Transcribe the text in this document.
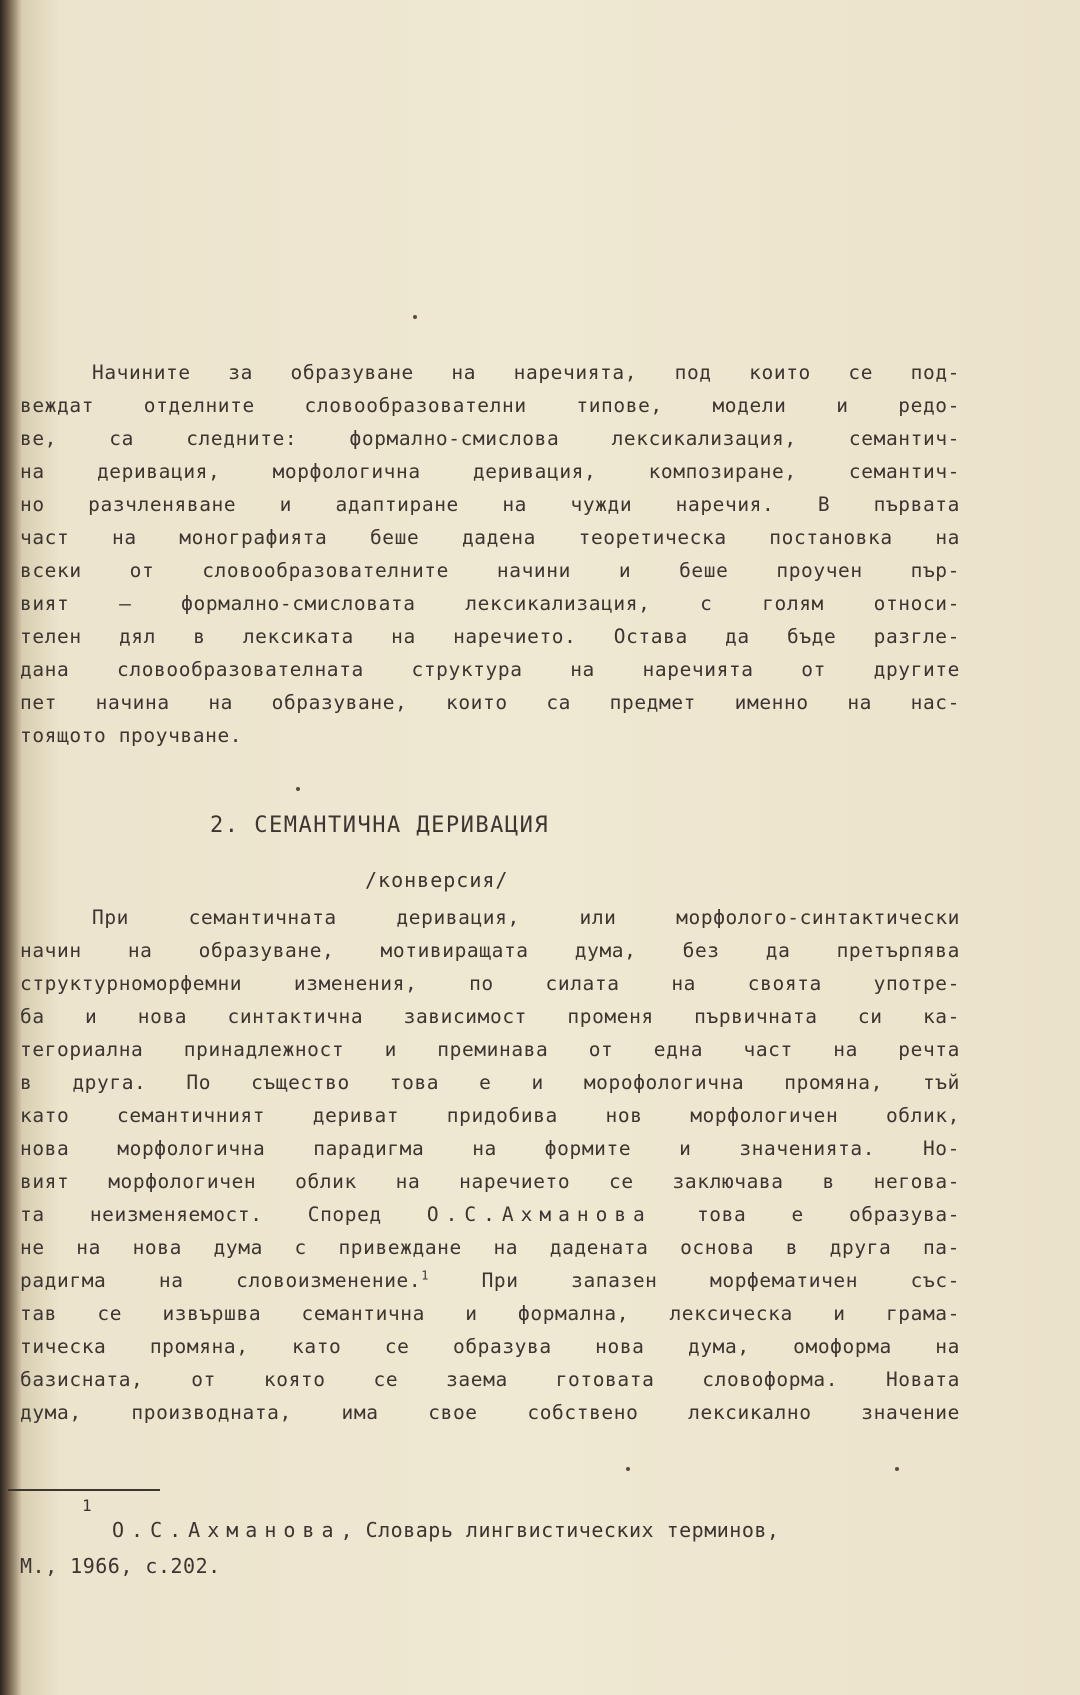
Начините за образуване на наречията, под които се под-

веждат отделните словообразователни типове, модели и редо-

ве, са следните: формално-смислова лексикализация, семантич-

на деривация, морфологична деривация, композиране, семантич-

но разчленяване и адаптиране на чужди наречия. В първата

част на монографията беше дадена теоретическа постановка на

всеки от словообразователните начини и беше проучен пър-

вият – формално-смисловата лексикализация, с голям относи-

телен дял в лексиката на наречието. Остава да бъде разгле-

дана словообразователната структура на наречията от другите

пет начина на образуване, които са предмет именно на нас-

тоящото проучване.

2. СЕМАНТИЧНА ДЕРИВАЦИЯ
/конверсия/

При семантичната деривация, или морфолого-синтактически

начин на образуване, мотивиращата дума, без да претърпява

структурноморфемни изменения, по силата на своята употре-

ба и нова синтактична зависимост променя първичната си ка-

тегориална принадлежност и преминава от една част на речта

в друга. По същество това е и морофологична промяна, тъй

като семантичният дериват придобива нов морфологичен облик,

нова морфологична парадигма на формите и значенията. Но-

вият морфологичен облик на наречието се заключава в негова-

та неизменяемост. Според О.С.Ахманова това е образува-

не на нова дума с привеждане на дадената основа в друга па-

радигма на словоизменение.$^1$ При запазен морфематичен със-

тав се извършва семантична и формална, лексическа и грама-

тическа промяна, като се образува нова дума, омоформа на

базисната, от която се заема готовата словоформа. Новата

дума, производната, има свое собствено лексикално значение

1
О.С.Ахманова, Словарь лингвистических терминов,
М., 1966, с.202.
